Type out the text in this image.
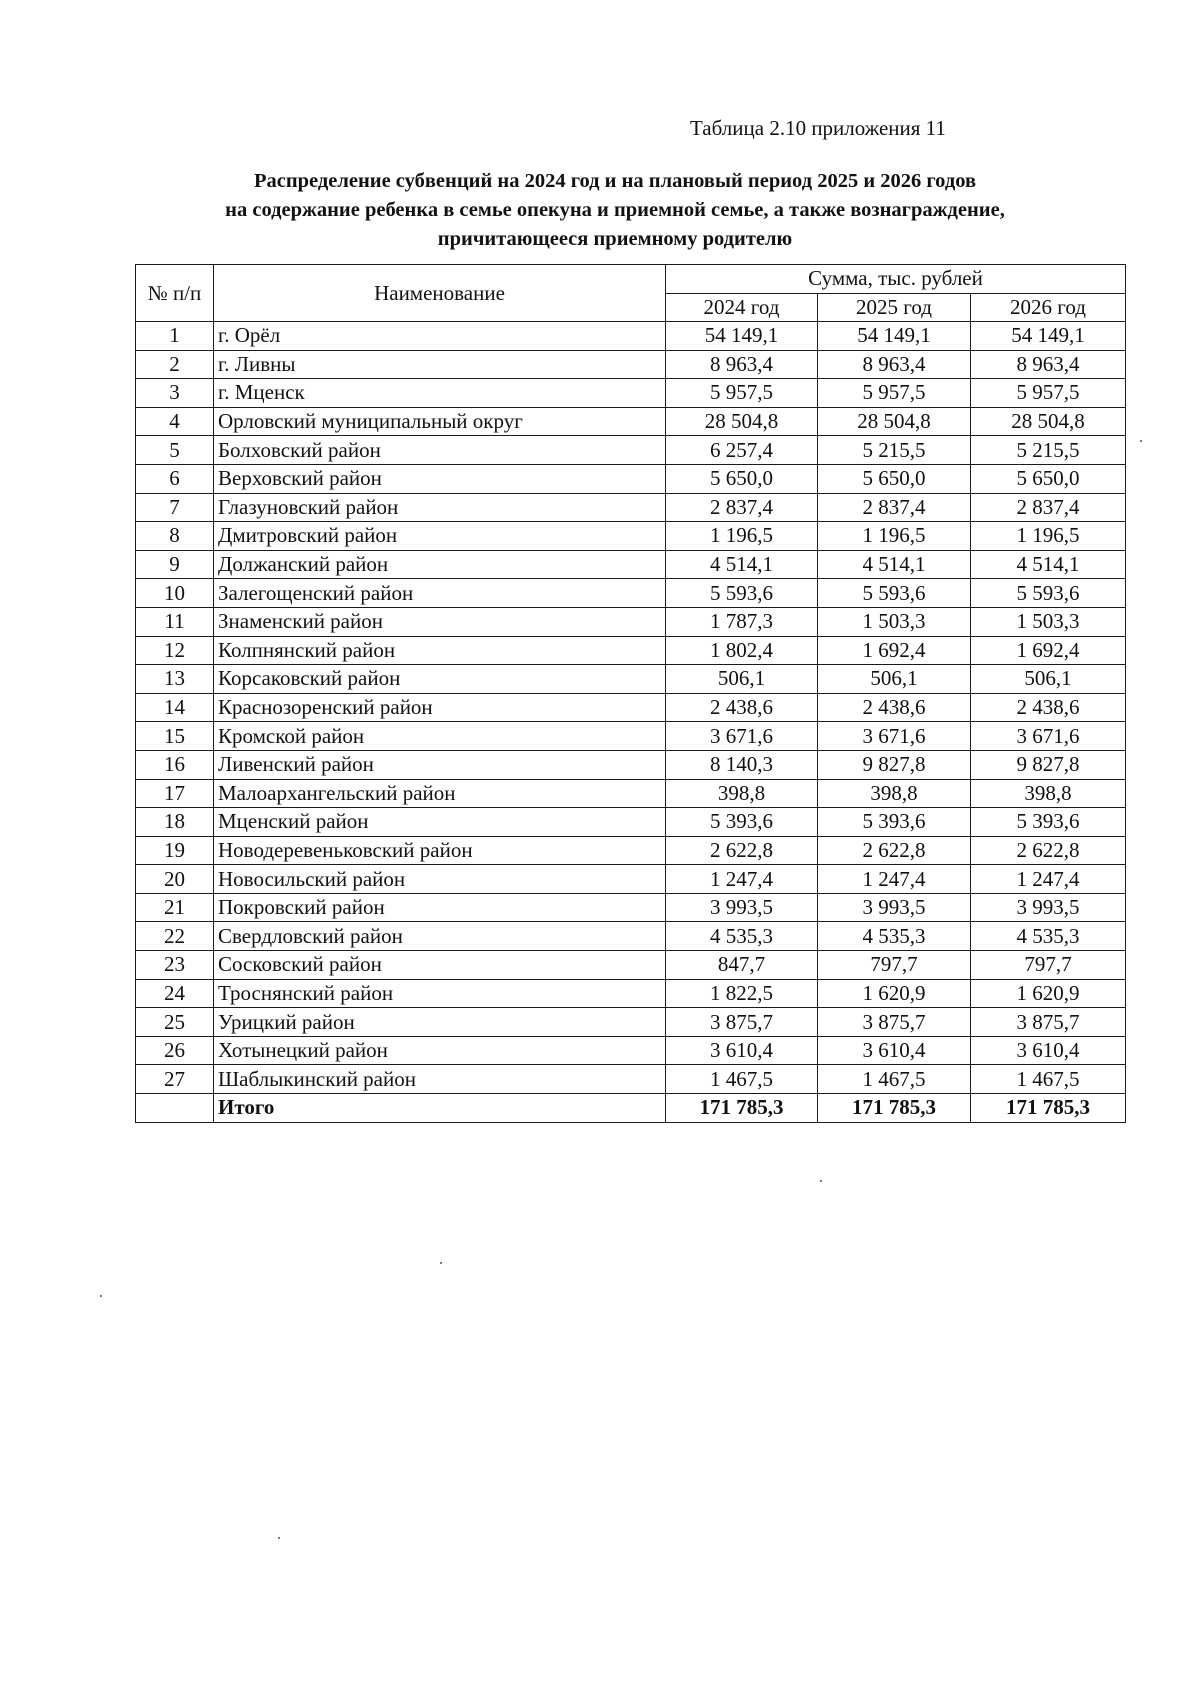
Таблица 2.10 приложения 11
Распределение субвенций на 2024 год и на плановый период 2025 и 2026 годов
на содержание ребенка в семье опекуна и приемной семье, а также вознаграждение,
причитающееся приемному родителю
№ п/п	Наименование	Сумма, тыс. рублей		
		2024 год	2025 год	2026 год
1	г. Орёл	54 149,1	54 149,1	54 149,1
2	г. Ливны	8 963,4	8 963,4	8 963,4
3	г. Мценск	5 957,5	5 957,5	5 957,5
4	Орловский муниципальный округ	28 504,8	28 504,8	28 504,8
5	Болховский район	6 257,4	5 215,5	5 215,5
6	Верховский район	5 650,0	5 650,0	5 650,0
7	Глазуновский район	2 837,4	2 837,4	2 837,4
8	Дмитровский район	1 196,5	1 196,5	1 196,5
9	Должанский район	4 514,1	4 514,1	4 514,1
10	Залегощенский район	5 593,6	5 593,6	5 593,6
11	Знаменский район	1 787,3	1 503,3	1 503,3
12	Колпнянский район	1 802,4	1 692,4	1 692,4
13	Корсаковский район	506,1	506,1	506,1
14	Краснозоренский район	2 438,6	2 438,6	2 438,6
15	Кромской район	3 671,6	3 671,6	3 671,6
16	Ливенский район	8 140,3	9 827,8	9 827,8
17	Малоархангельский район	398,8	398,8	398,8
18	Мценский район	5 393,6	5 393,6	5 393,6
19	Новодеревеньковский район	2 622,8	2 622,8	2 622,8
20	Новосильский район	1 247,4	1 247,4	1 247,4
21	Покровский район	3 993,5	3 993,5	3 993,5
22	Свердловский район	4 535,3	4 535,3	4 535,3
23	Сосковский район	847,7	797,7	797,7
24	Троснянский район	1 822,5	1 620,9	1 620,9
25	Урицкий район	3 875,7	3 875,7	3 875,7
26	Хотынецкий район	3 610,4	3 610,4	3 610,4
27	Шаблыкинский район	1 467,5	1 467,5	1 467,5
	Итого	171 785,3	171 785,3	171 785,3
